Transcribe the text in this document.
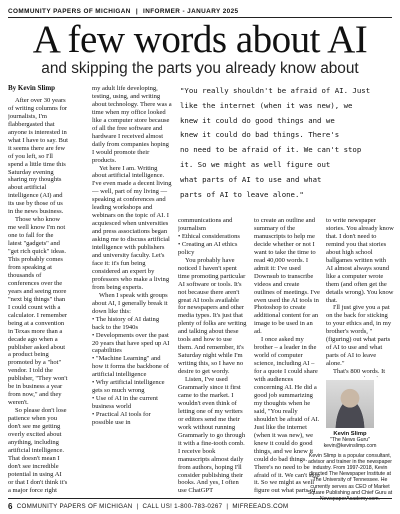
COMMUNITY PAPERS OF MICHIGAN | INFORMER - JANUARY 2025
A few words about AI
and skipping the parts you already know about
By Kevin Slimp

After over 30 years of writing columns for journalists, I'm flabbergasted that anyone is interested in what I have to say. But it seems there are few of you left, so I'll spend a little time this Saturday evening sharing my thoughts about artificial intelligence (AI) and its use by those of us in the news business.

Those who know me well know I'm not one to fall for the latest "gadgets" and "get rich quick" ideas. This probably comes from speaking at thousands of conferences over the years and seeing more "next big things" than I could count with a calculator. I remember being at a convention in Texas more than a decade ago when a publisher asked about a product being promoted by a "hot" vendor. I told the publisher, "They won't be in business a year from now," and they weren't.

So please don't lose patience when you don't see me getting overly excited about anything, including artificial intelligence. That doesn't mean I don't see incredible potential in using AI or that I don't think it's a major force right

my adult life developing, testing, using, and writing about technology. There was a time when my office looked like a computer store because of all the free software and hardware I received almost daily from companies hoping I would promote their products.

Yet here I am. Writing about artificial intelligence. I've even made a decent living — well, part of my living — speaking at conferences and leading workshops and webinars on the topic of AI. I acquiesced when universities and press associations began asking me to discuss artificial intelligence with publishers and university faculty. Let's face it: it's fun being considered an expert by professors who make a living from being experts.

When I speak with groups about AI, I generally break it down like this:

• The history of AI dating back to the 1940s

• Developments over the past 20 years that have sped up AI capabilities

• "Machine Learning" and how it forms the backbone of artificial intelligence

• Why artificial intelligence gets so much wrong

• Use of AI in the current business world

• Practical AI tools for possible use in

"You really shouldn't be afraid of AI. Just
like the internet (when it was new), we
knew it could do good things and we
knew it could do bad things. There's
no need to be afraid of it. We can't stop
it. So we might as well figure out
what parts of AI to use and what
parts of AI to leave alone."

communications and journalism

• Ethical considerations

• Creating an AI ethics policy

You probably have noticed I haven't spent time promoting particular AI software or tools. It's not because there aren't great AI tools available for newspapers and other media types. It's just that plenty of folks are writing and talking about these tools and how to use them. And remember, it's Saturday night while I'm writing this, so I have no desire to get wordy.

Listen, I've used Grammarly since it first came to the market. I wouldn't even think of letting one of my writers or editors send me their work without running Grammarly to go through it with a fine-tooth comb. I receive book manuscripts almost daily from authors, hoping I'll consider publishing their books. And yes, I often use ChatGPT

to create an outline and summary of the manuscripts to help me decide whether or not I want to take the time to read 40,000 words. I admit it: I've used Downsub to transcribe videos and create outlines of meetings. I've even used the AI tools in Photoshop to create additional content for an image to be used in an ad.

I once asked my brother – a leader in the world of computer science, including AI – for a quote I could share with audiences concerning AI. He did a good job summarizing my thoughts when he said, "You really shouldn't be afraid of AI. Just like the internet (when it was new), we knew it could do good things, and we knew it could do bad things. There's no need to be afraid of it. We can't stop it. So we might as well figure out what parts of

to write newspaper stories. You already know that. I don't need to remind you that stories about high school ballgames written with AI almost always sound like a computer wrote them (and often get the details wrong). You know that.

I'll just give you a pat on the back for sticking to your ethics and, in my brother's words, "(figuring) out what parts of AI to use and what parts of AI to leave alone."

That's 800 words. It

Kevin Slimp
"The News Guru"
kevin@kevinslimp.com
Kevin Slimp is a popular consultant, advisor and trainer in the newspaper industry. From 1997-2018, Kevin directed The Newspaper Institute at The University of Tennessee. He currently serves as CEO of Market Square Publishing and Chief Guru at NewspaperAcademy.com.
6 COMMUNITY PAPERS OF MICHIGAN | CALL US! 1-800-783-0267 | MIFREEADS.COM
